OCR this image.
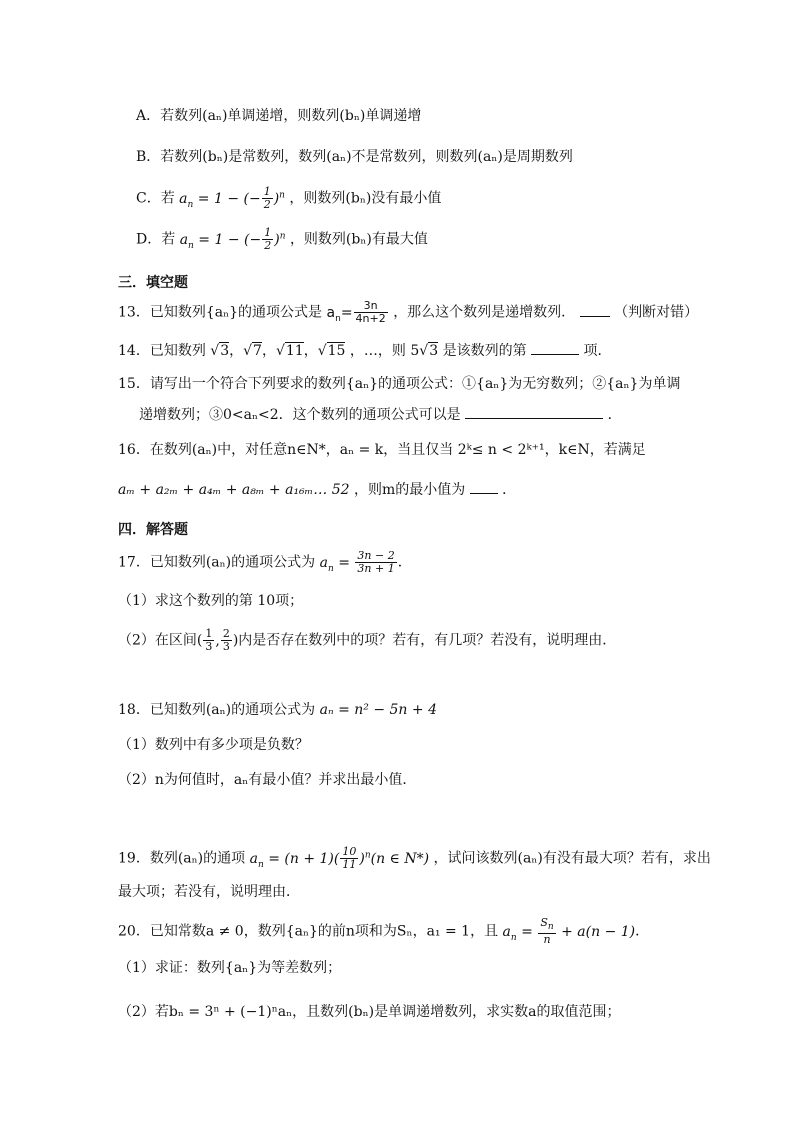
A．若数列(aₙ)单调递增，则数列(bₙ)单调递增
B．若数列(bₙ)是常数列，数列(aₙ)不是常数列，则数列(aₙ)是周期数列
C．若 $a_n = 1$ − (− $\frac{1}{2} )^n$ ，则数列(bₙ)没有最小值
D．若 $a_n = 1$ − (− $\frac{1}{2} )^n$ ，则数列(bₙ)有最大值
三．填空题
13．已知数列{aₙ}的通项公式是 $a_n= \frac{3n}{4n+2}$ ，那么这个数列是递增数列．	（判断对错）
14．已知数列 √3，√7，√11，√15 ，…，则 5√3 是该数列的第	项．
15．请写出一个符合下列要求的数列{aₙ}的通项公式：①{aₙ}为无穷数列；②{aₙ}为单调
递增数列；③0<aₙ<2．这个数列的通项公式可以是	．
16．在数列(aₙ)中，对任意n∈N*，aₙ = k，当且仅当 2ᵏ≤ n < 2ᵏ⁺¹，k∈N，若满足
aₘ + a₂ₘ + a₄ₘ + a₈ₘ + a₁₆ₘ… 52 ，则m的最小值为	．
四．解答题
17．已知数列(aₙ)的通项公式为 $a_n = \frac{3n - 2}{3n + 1}$ ．
（1）求这个数列的第 10项；
（2）在区间( $\frac{1}{3}$ , $\frac{2}{3}$ )内是否存在数列中的项？若有，有几项？若没有，说明理由．
18．已知数列(aₙ)的通项公式为 aₙ = n² − 5n + 4
（1）数列中有多少项是负数？
（2）n为何值时，aₙ有最小值？并求出最小值．
19．数列(aₙ)的通项 $a_n = (n + 1)( \frac{10}{11} )^n(n$ ∈ N*) ，试问该数列(aₙ)有没有最大项？若有，求出
最大项；若没有，说明理由．
20．已知常数a ≠ 0，数列{aₙ}的前n项和为Sₙ，a₁ = 1，且 $a_n = \frac{S_n}{n} + a(n - 1)$．
（1）求证：数列{aₙ}为等差数列；
（2）若bₙ = 3ⁿ + (−1)ⁿaₙ，且数列(bₙ)是单调递增数列，求实数a的取值范围；
